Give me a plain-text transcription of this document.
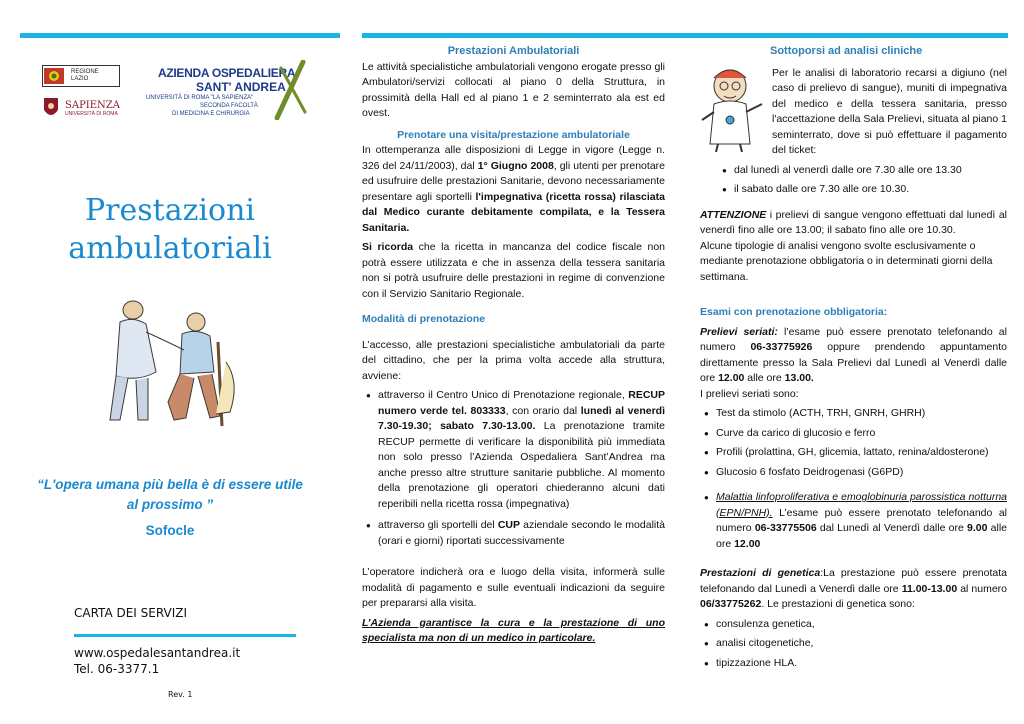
REGIONE LAZIO
SAPIENZA
UNIVERSITÀ DI ROMA
AZIENDA OSPEDALIERA
SANT' ANDREA
UNIVERSITÀ DI ROMA "LA SAPIENZA"
SECONDA FACOLTÀ
DI MEDICINA E CHIRURGIA
Prestazioni
ambulatoriali
“L'opera umana più bella è di essere utile
al prossimo ”
Sofocle
CARTA DEI SERVIZI
www.ospedalesantandrea.it
Tel. 06-3377.1
Rev. 1
Prestazioni Ambulatoriali

Le attività specialistiche ambulatoriali vengono erogate presso gli Ambulatori/servizi collocati al piano 0 della Struttura, in prossimità della Hall ed al piano 1 e 2 seminterrato ala est ed ovest.

Prenotare una visita/prestazione ambulatoriale

In ottemperanza alle disposizioni di Legge in vigore (Legge n. 326 del 24/11/2003), dal 1° Giugno 2008, gli utenti per prenotare ed usufruire delle prestazioni Sanitarie, devono necessariamente presentare agli sportelli l'impegnativa (ricetta rossa) rilasciata dal Medico curante debitamente compilata, e la Tessera Sanitaria.

Si ricorda che la ricetta in mancanza del codice fiscale non potrà essere utilizzata e che in assenza della tessera sanitaria non si potrà usufruire delle prestazioni in regime di convenzione con il Servizio Sanitario Regionale.

Modalità di prenotazione

L’accesso, alle prestazioni specialistiche ambulatoriali da parte del cittadino, che per la prima volta accede alla struttura, avviene:

● attraverso il Centro Unico di Prenotazione regionale, RECUP numero verde tel. 803333, con orario dal lunedì al venerdì 7.30-19.30; sabato 7.30-13.00. La prenotazione tramite RECUP permette di verificare la disponibilità più immediata non solo presso l’Azienda Ospedaliera Sant’Andrea ma anche presso altre strutture sanitarie pubbliche. Al momento della prenotazione gli operatori chiederanno alcuni dati reperibili nella ricetta rossa (impegnativa)
● attraverso gli sportelli del CUP aziendale secondo le modalità (orari e giorni) riportati successivamente

L’operatore indicherà ora e luogo della visita, informerà sulle modalità di pagamento e sulle eventuali indicazioni da seguire per prepararsi alla visita.

L’Azienda garantisce la cura e la prestazione di uno specialista ma non di un medico in particolare.

Sottoporsi ad analisi cliniche

Per le analisi di laboratorio recarsi a digiuno (nel caso di prelievo di sangue), muniti di impegnativa del medico e della tessera sanitaria, presso l'accettazione della Sala Prelievi, situata al piano 1 seminterrato, dove si può effettuare il pagamento del ticket:

● dal lunedì al venerdì dalle ore 7.30 alle ore 13.30
● il sabato dalle ore 7.30 alle ore 10.30.

ATTENZIONE i prelievi di sangue vengono effettuati dal lunedì al venerdì fino alle ore 13.00; il sabato fino alle ore 10.30.

Alcune tipologie di analisi vengono svolte esclusivamente o mediante prenotazione obbligatoria o in determinati giorni della settimana.

Esami con prenotazione obbligatoria:

Prelievi seriati: l’esame può essere prenotato telefonando al numero 06-33775926 oppure prendendo appuntamento direttamente presso la Sala Prelievi dal Lunedì al Venerdì dalle ore 12.00 alle ore 13.00.

I prelievi seriati sono:

● Test da stimolo (ACTH, TRH, GNRH, GHRH)
● Curve da carico di glucosio e ferro
● Profili (prolattina, GH, glicemia, lattato, renina/aldosterone)
● Glucosio 6 fosfato Deidrogenasi (G6PD)
● Malattia linfoproliferativa e emoglobinuria parossistica notturna (EPN/PNH). L’esame può essere prenotato telefonando al numero 06-33775506 dal Lunedì al Venerdì dalle ore 9.00 alle ore 12.00

Prestazioni di genetica:La prestazione può essere prenotata telefonando dal Lunedì a Venerdì dalle ore 11.00-13.00 al numero 06/33775262. Le prestazioni di genetica sono:

● consulenza genetica,
● analisi citogenetiche,
● tipizzazione HLA.
